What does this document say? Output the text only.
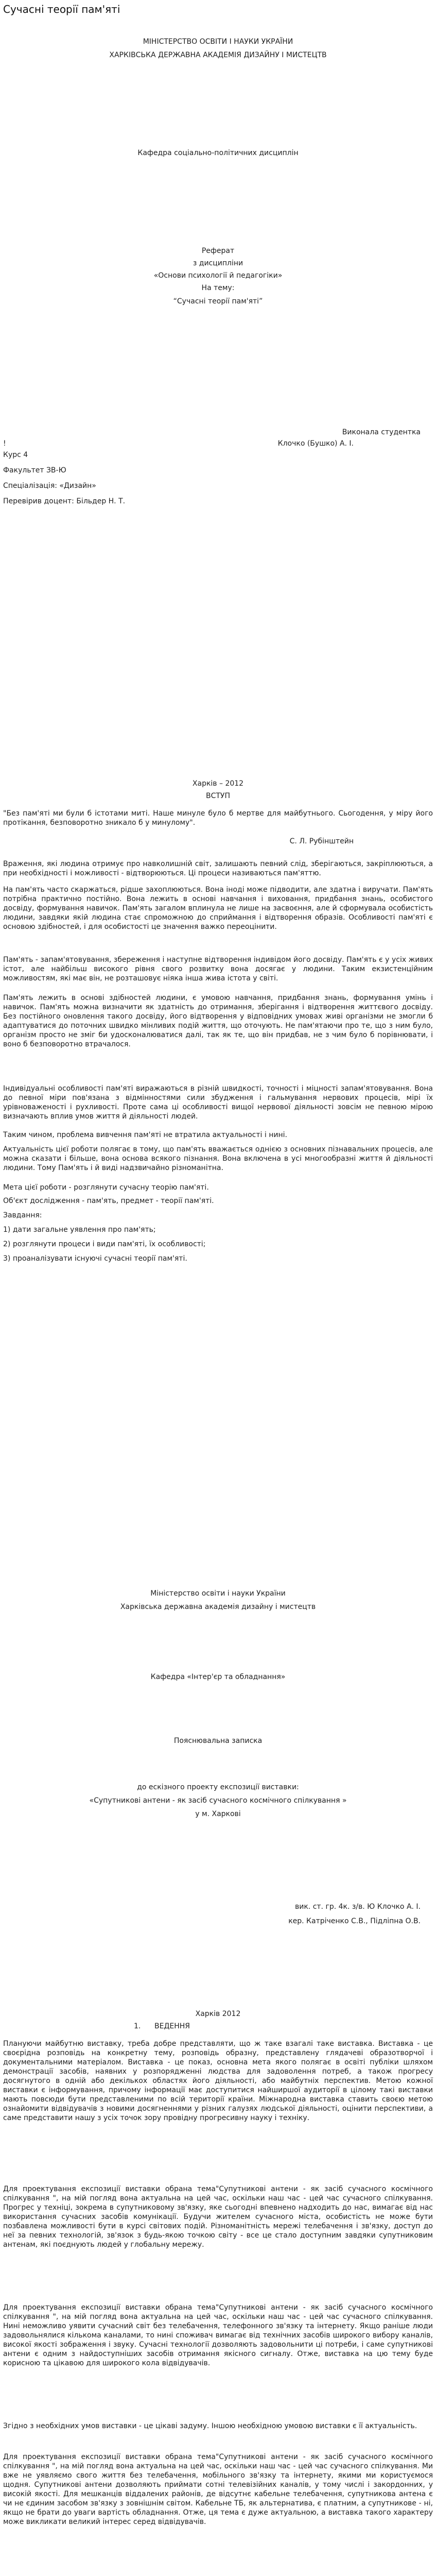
Сучасні теорії пам'яті

МІНІСТЕРСТВО ОСВІТИ І НАУКИ УКРАЇНИ

ХАРКІВСЬКА ДЕРЖАВНА АКАДЕМІЯ ДИЗАЙНУ І МИСТЕЦТВ

Кафедра соціально-політичних дисциплін

Реферат

з дисципліни

«Основи психології й педагогіки»

На тему:

“Сучасні теорії пам'яті”

Виконала студентка

!	Клочко (Бушко) А. І.

Курс 4

Факультет ЗВ-Ю

Спеціалізація: «Дизайн»

Перевірив доцент: Більдер Н. Т.

Харків – 2012

ВСТУП

"Без пам'яті ми були б істотами миті. Наше минуле було б мертве для майбутнього. Сьогодення, у міру його протікання, безповоротно зникало б у минулому".

С. Л. Рубінштейн

Враження, які людина отримує про навколишній світ, залишають певний слід, зберігаються, закріплюються, а при необхідності і можливості - відтворюються. Ці процеси називаються пам'яттю.

На пам'ять часто скаржаться, рідше захоплюються. Вона іноді може підводити, але здатна і виручати. Пам'ять потрібна практично постійно. Вона лежить в основі навчання і виховання, придбання знань, особистого досвіду, формування навичок. Пам'ять загалом вплинула не лише на засвоєння, але й сформувала особистість людини, завдяки якій людина стає спроможною до сприймання і відтворення образів. Особливості пам'яті є основою здібностей, і для особистості це значення важко переоцінити.

Пам'ять - запам'ятовування, збереження і наступне відтворення індивідом його досвіду. Пам'ять є у усіх живих істот, але найбільш високого рівня свого розвитку вона досягає у людини. Таким екзистенційним можливостям, які має він, не розташовує ніяка інша жива істота у світі.

Пам'ять лежить в основі здібностей людини, є умовою навчання, придбання знань, формування умінь і навичок. Пам'ять можна визначити як здатність до отримання, зберігання і відтворення життєвого досвіду. Без постійного оновлення такого досвіду, його відтворення у відповідних умовах живі організми не змогли б адаптуватися до поточних швидко мінливих подій життя, що оточують. Не пам'ятаючи про те, що з ним було, організм просто не зміг би удосконалюватися далі, так як те, що він придбав, не з чим було б порівнювати, і воно б безповоротно втрачалося.

Індивідуальні особливості пам'яті виражаються в різній швидкості, точності і міцності запам'ятовування. Вона до певної міри пов'язана з відмінностями сили збудження і гальмування нервових процесів, мірі їх урівноваженості і рухливості. Проте сама ці особливості вищої нервової діяльності зовсім не певною мірою визначають вплив умов життя й діяльності людей.

Таким чином, проблема вивчення пам'яті не втратила актуальності і нині.

Актуальність цієї роботи полягає в тому, що пам'ять вважається однією з основних пізнавальних процесів, але можна сказати і більше, вона основа всякого пізнання. Вона включена в усі многообразні життя й діяльності людини. Тому Пам'ять і й виді надзвичайно різноманітна.

Мета цієї роботи - розглянути сучасну теорію пам'яті.

Об'єкт дослідження - пам'ять, предмет - теорії пам'яті.

Завдання:

1) дати загальне уявлення про пам'ять;

2) розглянути процеси і види пам'яті, їх особливості;

3) проаналізувати існуючі сучасні теорії пам'яті.

Міністерство освіти і науки України

Харківська державна академія дизайну і мистецтв

Кафедра «Інтер'єр та обладнання»

Пояснювальна записка

до ескізного проекту експозиції виставки:

«Супутникові антени - як засіб сучасного космічного спілкування »

у м. Харкові

вик. ст. гр. 4к. з/в. Ю Клочко А. І.

кер. Катріченко С.В., Підліпна О.В.

Харків 2012

1. ВЕДЕННЯ

Плануючи майбутню виставку, треба добре представляти, що ж таке взагалі таке виставка. Виставка - це своєрідна розповідь на конкретну тему, розповідь образну, представлену глядачеві образотворчої і документальними матеріалом. Виставка - це показ, основна мета якого полягає в освіті публіки шляхом демонстрації засобів, наявних у розпорядженні людства для задоволення потреб, а також прогресу досягнутого в одній або декількох областях його діяльності, або майбутніх перспектив. Метою кожної виставки є інформування, причому інформації має доступитися найширшої аудиторії в цілому такі виставки мають повсюди бути представленими по всій території країни. Міжнародна виставка ставить своєю метою ознайомити відвідувачів з новими досягненнями у різних галузях людської діяльності, оцінити перспективи, а саме представити нашу з усіх точок зору провідну прогресивну науку і техніку.

Для проектування експозиції виставки обрана тема"Супутникові антени - як засіб сучасного космічного спілкування ", на мій погляд вона актуальна на цей час, оскільки наш час - цей час сучасного спілкування. Прогрес у техніці, зокрема в супутниковому зв'язку, яке сьогодні впевнено надходить до нас, вимагає від нас використання сучасних засобів комунікації. Будучи жителем сучасного міста, особистість не може бути позбавлена можливості бути в курсі світових подій. Різноманітність мережі телебачення і зв'язку, доступ до неї за певних технологій, зв'язок з будь-якою точкою світу - все це стало доступним завдяки супутниковим антенам, які поєднують людей у глобальну мережу.

Для проектування експозиції виставки обрана тема"Супутникові антени - як засіб сучасного космічного спілкування ", на мій погляд вона актуальна на цей час, оскільки наш час - цей час сучасного спілкування. Нині неможливо уявити сучасний світ без телебачення, телефонного зв'язку та інтернету. Якщо раніше люди задовольнялися кількома каналами, то нині споживач вимагає від технічних засобів широкого вибору каналів, високої якості зображення і звуку. Сучасні технології дозволяють задовольнити ці потреби, і саме супутникові антени є одним з найдоступніших засобів отримання якісного сигналу. Отже, виставка на цю тему буде корисною та цікавою для широкого кола відвідувачів.

Згідно з необхідних умов виставки - це цікаві задуму. Іншою необхідною умовою виставки є її актуальність.

Для проектування експозиції виставки обрана тема"Супутникові антени - як засіб сучасного космічного спілкування ", на мій погляд вона актуальна на цей час, оскільки наш час - цей час сучасного спілкування. Ми вже не уявляємо свого життя без телебачення, мобільного зв'язку та інтернету, якими ми користуємося щодня. Супутникові антени дозволяють приймати сотні телевізійних каналів, у тому числі і закордонних, у високій якості. Для мешканців віддалених районів, де відсутнє кабельне телебачення, супутникова антена є чи не єдиним засобом зв'язку з зовнішнім світом. Кабельне ТБ, як альтернатива, є платним, а супутникове - ні, якщо не брати до уваги вартість обладнання. Отже, ця тема є дуже актуальною, а виставка такого характеру може викликати великий інтерес серед відвідувачів.
